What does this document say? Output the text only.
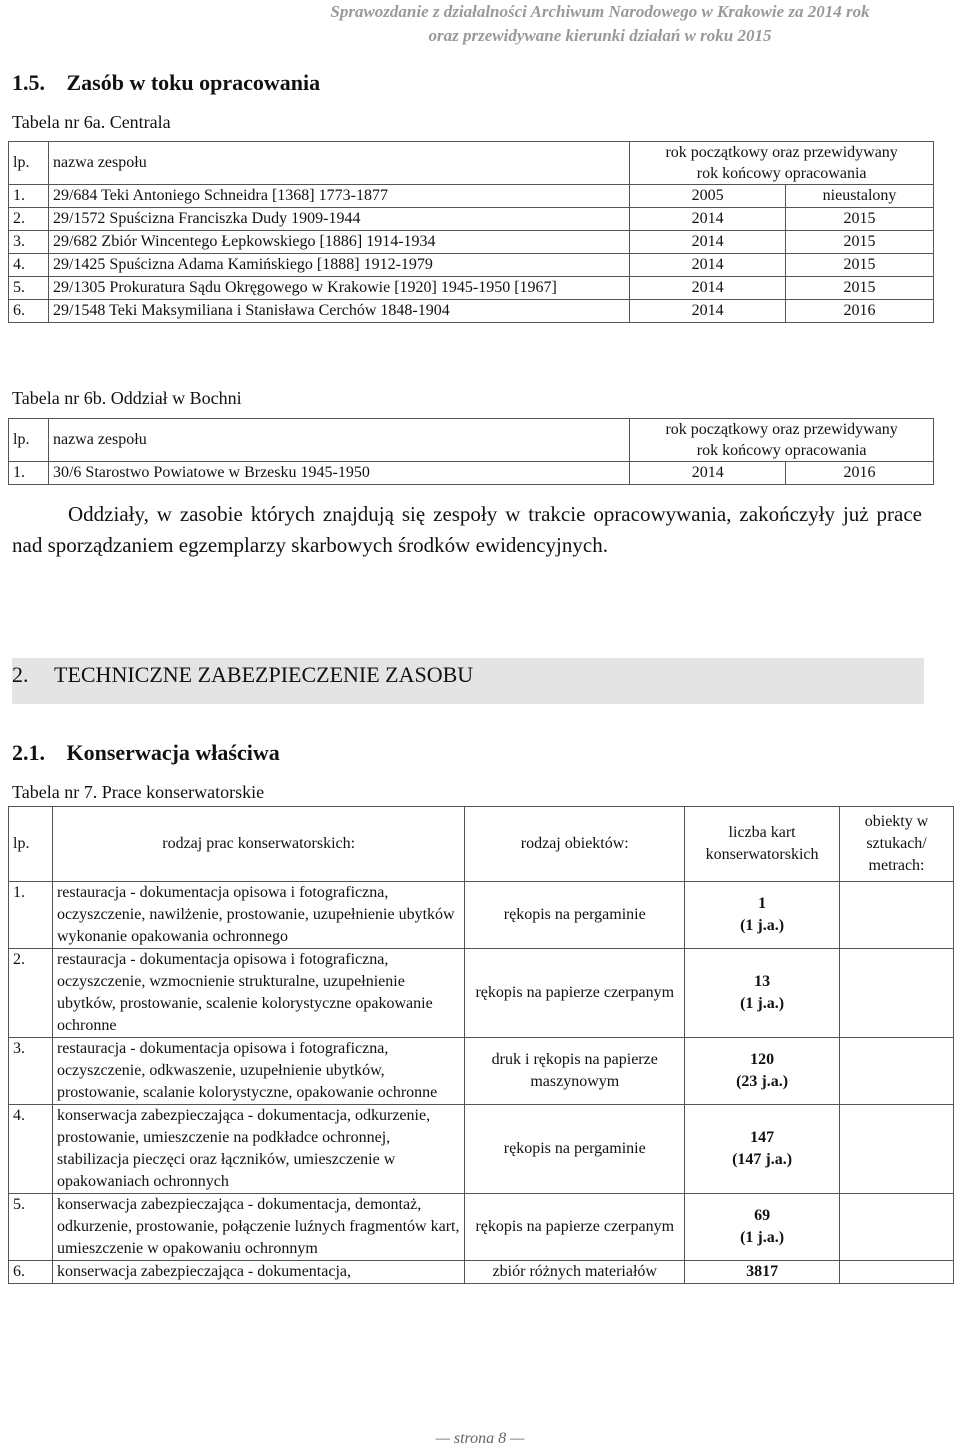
Sprawozdanie z działalności Archiwum Narodowego w Krakowie za 2014 rok
oraz przewidywane kierunki działań w roku 2015
1.5. Zasób w toku opracowania
Tabela nr 6a. Centrala
lp.	nazwa zespołu	rok początkowy oraz przewidywany
rok końcowy opracowania	

1.	29/684 Teki Antoniego Schneidra [1368] 1773-1877	2005	nieustalony
2.	29/1572 Spuścizna Franciszka Dudy 1909-1944	2014	2015
3.	29/682 Zbiór Wincentego Łepkowskiego [1886] 1914-1934	2014	2015
4.	29/1425 Spuścizna Adama Kamińskiego [1888] 1912-1979	2014	2015
5.	29/1305 Prokuratura Sądu Okręgowego w Krakowie [1920] 1945-1950 [1967]	2014	2015
6.	29/1548 Teki Maksymiliana i Stanisława Cerchów 1848-1904	2014	2016
Tabela nr 6b. Oddział w Bochni
lp.	nazwa zespołu	rok początkowy oraz przewidywany
rok końcowy opracowania	

1.	30/6 Starostwo Powiatowe w Brzesku 1945-1950	2014	2016

Oddziały, w zasobie których znajdują się zespoły w trakcie opracowywania, zakończyły już prace nad sporządzaniem egzemplarzy skarbowych środków ewidencyjnych.

2. TECHNICZNE ZABEZPIECZENIE ZASOBU
2.1. Konserwacja właściwa
Tabela nr 7. Prace konserwatorskie
lp.	rodzaj prac konserwatorskich:	rodzaj obiektów:	liczba kart konserwatorskich	obiekty w sztukach/ metrach:
1.	restauracja - dokumentacja opisowa i fotograficzna, oczyszczenie, nawilżenie, prostowanie, uzupełnienie ubytków wykonanie opakowania ochronnego	rękopis na pergaminie	1
(1 j.a.)	

2.	restauracja - dokumentacja opisowa i fotograficzna, oczyszczenie, wzmocnienie strukturalne, uzupełnienie ubytków, prostowanie, scalenie kolorystyczne opakowanie ochronne	rękopis na papierze czerpanym	13
(1 j.a.)	

3.	restauracja - dokumentacja opisowa i fotograficzna, oczyszczenie, odkwaszenie, uzupełnienie ubytków, prostowanie, scalanie kolorystyczne, opakowanie ochronne	druk i rękopis na papierze maszynowym	120
(23 j.a.)	

4.	konserwacja zabezpieczająca - dokumentacja, odkurzenie, prostowanie, umieszczenie na podkładce ochronnej, stabilizacja pieczęci oraz łączników, umieszczenie w opakowaniach ochronnych	rękopis na pergaminie	147
(147 j.a.)	

5.	konserwacja zabezpieczająca - dokumentacja, demontaż, odkurzenie, prostowanie, połączenie luźnych fragmentów kart, umieszczenie w opakowaniu ochronnym	rękopis na papierze czerpanym	69
(1 j.a.)	

6.	konserwacja zabezpieczająca - dokumentacja,	zbiór różnych materiałów	3817	
— strona 8 —
